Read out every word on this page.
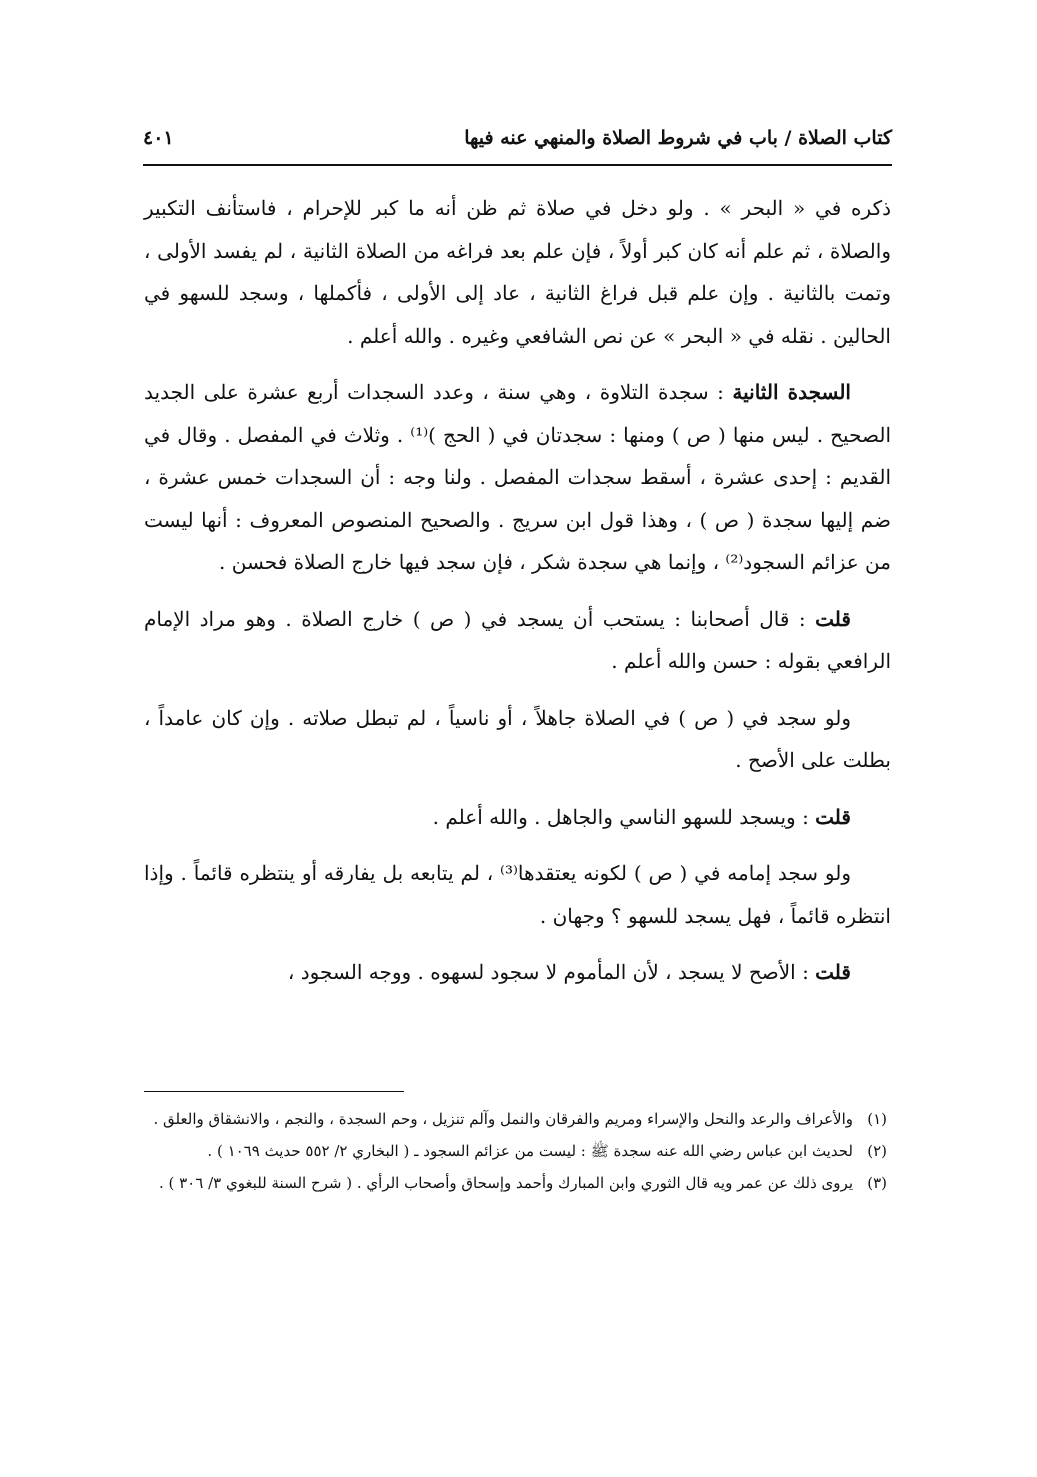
كتاب الصلاة / باب في شروط الصلاة والمنهي عنه فيها
٤٠١

ذكره في « البحر » . ولو دخل في صلاة ثم ظن أنه ما كبر للإحرام ، فاستأنف التكبير والصلاة ، ثم علم أنه كان كبر أولاً ، فإن علم بعد فراغه من الصلاة الثانية ، لم يفسد الأولى ، وتمت بالثانية . وإن علم قبل فراغ الثانية ، عاد إلى الأولى ، فأكملها ، وسجد للسهو في الحالين . نقله في « البحر » عن نص الشافعي وغيره . والله أعلم .

السجدة الثانية : سجدة التلاوة ، وهي سنة ، وعدد السجدات أربع عشرة على الجديد الصحيح . ليس منها ( ص ) ومنها : سجدتان في ( الحج )⁽¹⁾ . وثلاث في المفصل . وقال في القديم : إحدى عشرة ، أسقط سجدات المفصل . ولنا وجه : أن السجدات خمس عشرة ، ضم إليها سجدة ( ص ) ، وهذا قول ابن سريج . والصحيح المنصوص المعروف : أنها ليست من عزائم السجود⁽²⁾ ، وإنما هي سجدة شكر ، فإن سجد فيها خارج الصلاة فحسن .

قلت : قال أصحابنا : يستحب أن يسجد في ( ص ) خارج الصلاة . وهو مراد الإمام الرافعي بقوله : حسن والله أعلم .

ولو سجد في ( ص ) في الصلاة جاهلاً ، أو ناسياً ، لم تبطل صلاته . وإن كان عامداً ، بطلت على الأصح .

قلت : ويسجد للسهو الناسي والجاهل . والله أعلم .

ولو سجد إمامه في ( ص ) لكونه يعتقدها⁽³⁾ ، لم يتابعه بل يفارقه أو ينتظره قائماً . وإذا انتظره قائماً ، فهل يسجد للسهو ؟ وجهان .

قلت : الأصح لا يسجد ، لأن المأموم لا سجود لسهوه . ووجه السجود ،

(١)
والأعراف والرعد والنحل والإسراء ومريم والفرقان والنمل وآلم تنزيل ، وحم السجدة ، والنجم ، والانشقاق والعلق .
(٢)
لحديث ابن عباس رضي الله عنه سجدة ﷺ : ليست من عزائم السجود ـ ( البخاري ٢/ ٥٥٢ حديث ١٠٦٩ ) .
(٣)
يروى ذلك عن عمر ويه قال الثوري وابن المبارك وأحمد وإسحاق وأصحاب الرأي . ( شرح السنة للبغوي ٣/ ٣٠٦ ) .
